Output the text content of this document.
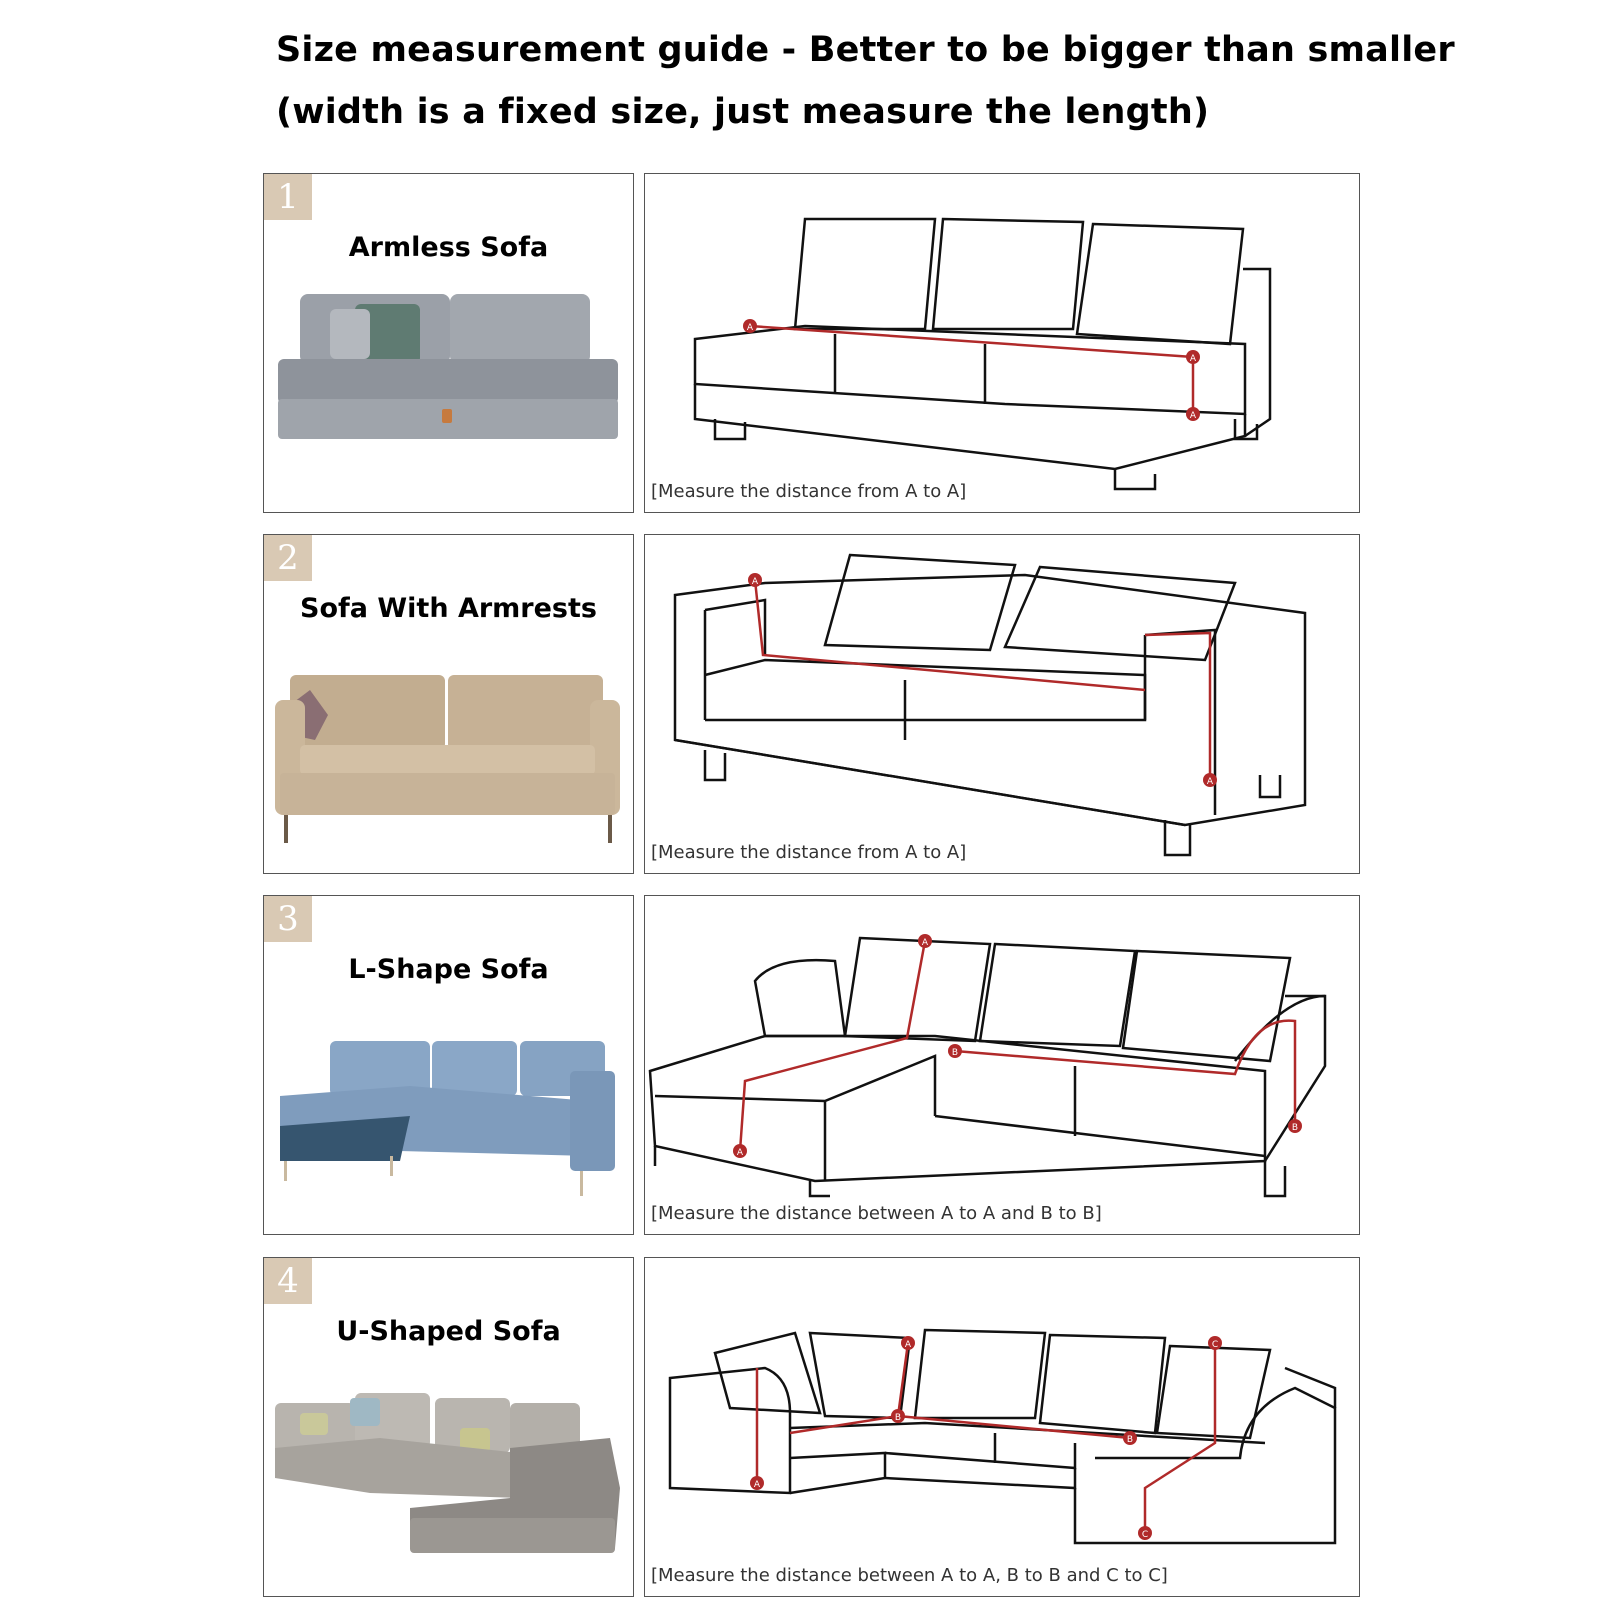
Size measurement guide - Better to be bigger than smaller
(width is a fixed size, just measure the length)
1
Armless Sofa
A
A
A
[Measure the distance from A to A]
2
Sofa With Armrests
A
A
[Measure the distance from A to A]
3
L-Shape Sofa
A
A
B
B
[Measure the distance between A to A and B to B]
4
U-Shaped Sofa	A
A
B
B
C
C
[Measure the distance between A to A, B to B and C to C]
